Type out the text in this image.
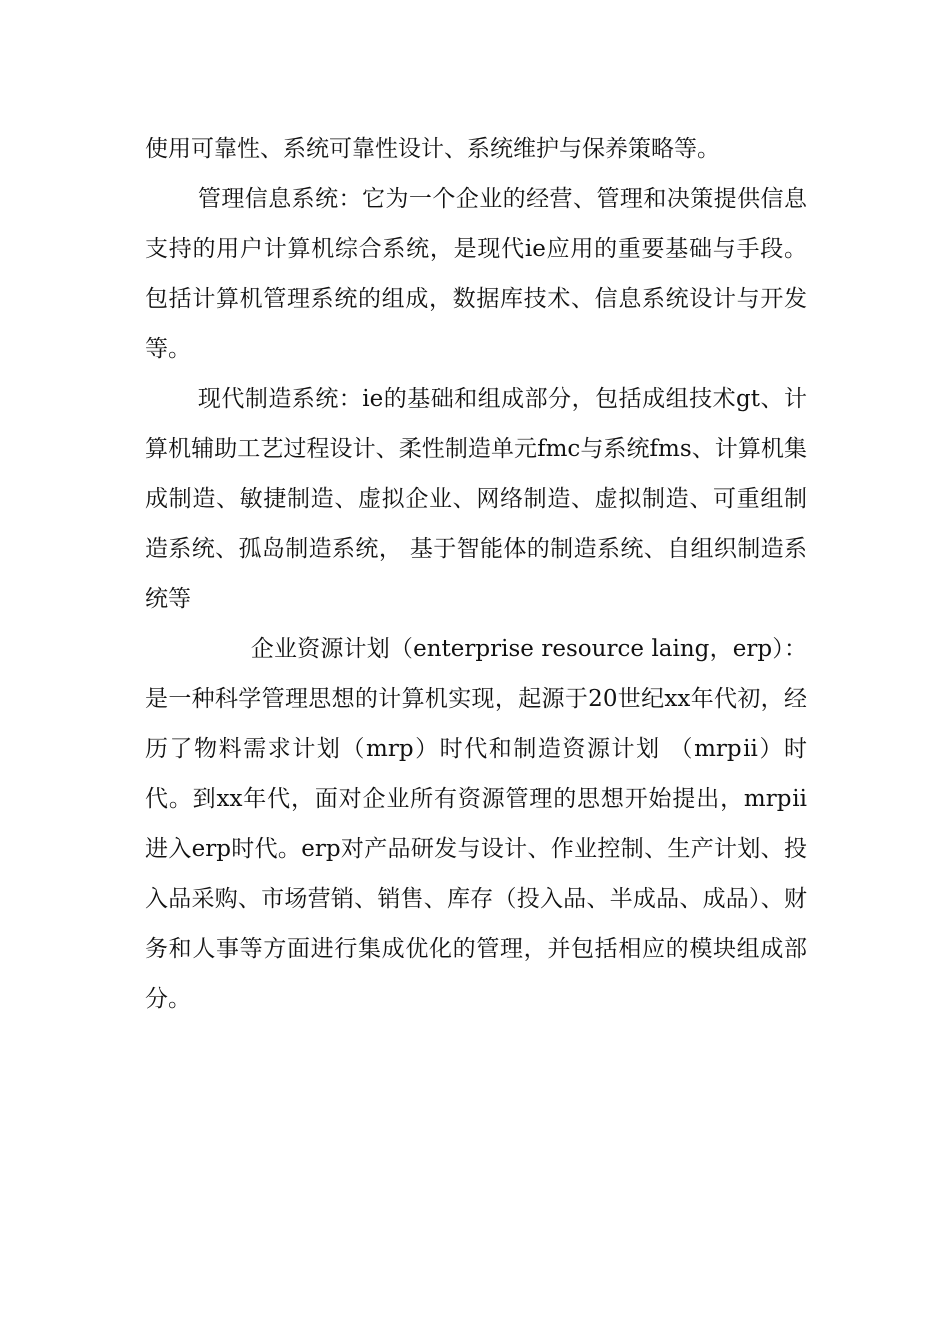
使用可靠性、系统可靠性设计、系统维护与保养策略等。

管理信息系统：它为一个企业的经营、管理和决策提供信息支持的用户计算机综合系统，是现代ie应用的重要基础与手段。包括计算机管理系统的组成，数据库技术、信息系统设计与开发等。

现代制造系统：ie的基础和组成部分，包括成组技术gt、计算机辅助工艺过程设计、柔性制造单元fmc与系统fms、计算机集成制造、敏捷制造、虚拟企业、网络制造、虚拟制造、可重组制造系统、孤岛制造系统， 基于智能体的制造系统、自组织制造系统等

企业资源计划（enterprise resource laing，erp）：是一种科学管理思想的计算机实现，起源于20世纪xx年代初，经历了物料需求计划（mrp）时代和制造资源计划 （mrpⅱ）时代。到xx年代，面对企业所有资源管理的思想开始提出，mrpⅱ进入erp时代。erp对产品研发与设计、作业控制、生产计划、投入品采购、市场营销、销售、库存（投入品、半成品、成品）、财务和人事等方面进行集成优化的管理，并包括相应的模块组成部分。
